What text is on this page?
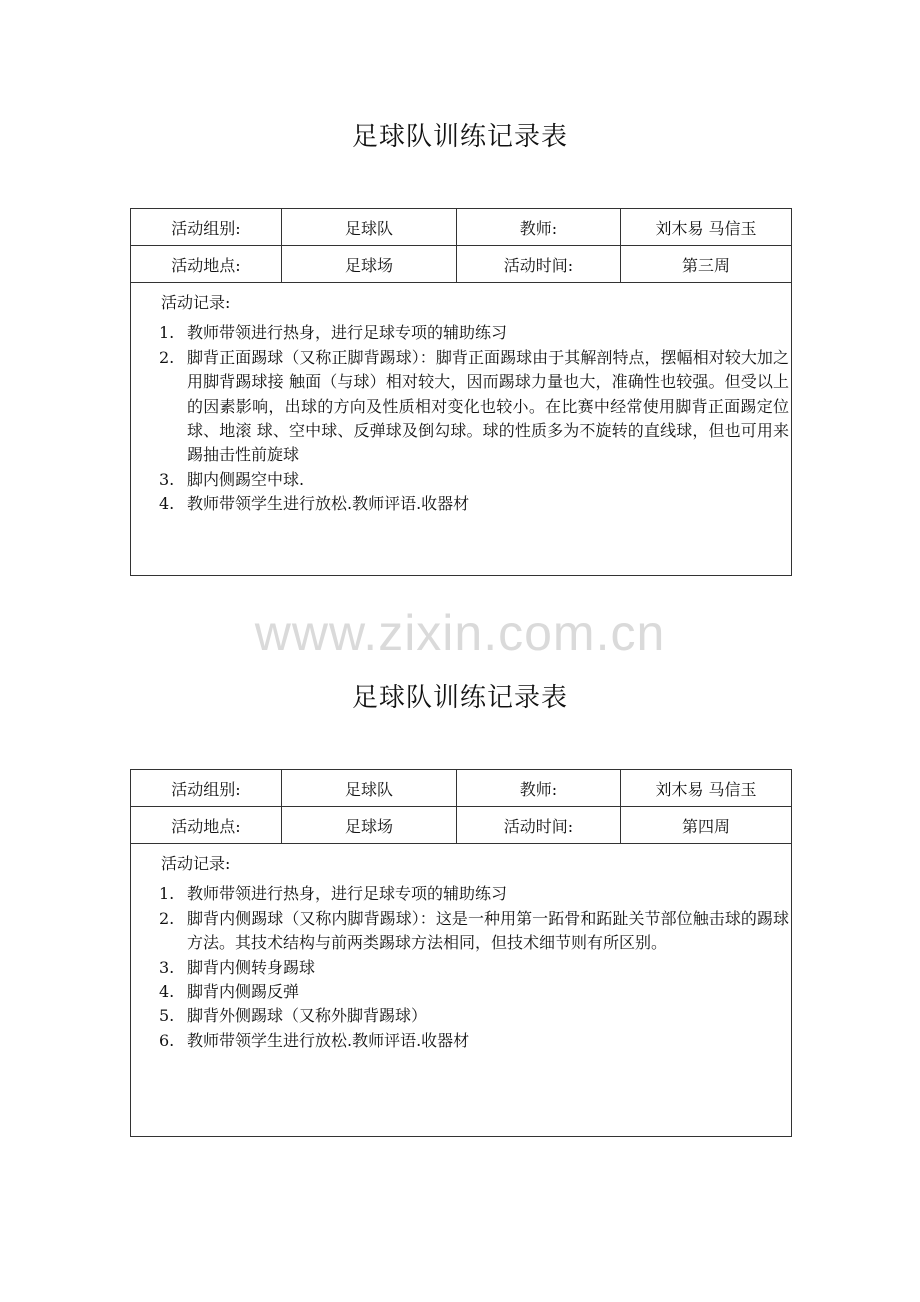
足球队训练记录表
活动组别:	足球队	教师:	刘木易 马信玉
活动地点:	足球场	活动时间:	第三周
活动记录:
1. 教师带领进行热身，进行足球专项的辅助练习
2. 脚背正面踢球（又称正脚背踢球）：脚背正面踢球由于其解剖特点，摆幅相对较大加之用脚背踢球接 触面（与球）相对较大，因而踢球力量也大，准确性也较强。但受以上的因素影响，出球的方向及性质相对变化也较小。在比赛中经常使用脚背正面踢定位球、地滚 球、空中球、反弹球及倒勾球。球的性质多为不旋转的直线球，但也可用来踢抽击性前旋球
3. 脚内侧踢空中球.
4. 教师带领学生进行放松.教师评语.收器材
www.zixin.com.cn
足球队训练记录表
活动组别:	足球队	教师:	刘木易 马信玉
活动地点:	足球场	活动时间:	第四周
活动记录:
1. 教师带领进行热身，进行足球专项的辅助练习
2. 脚背内侧踢球（又称内脚背踢球）：这是一种用第一跖骨和跖趾关节部位触击球的踢球方法。其技术结构与前两类踢球方法相同，但技术细节则有所区别。
3. 脚背内侧转身踢球
4. 脚背内侧踢反弹
5. 脚背外侧踢球（又称外脚背踢球）
6. 教师带领学生进行放松.教师评语.收器材
